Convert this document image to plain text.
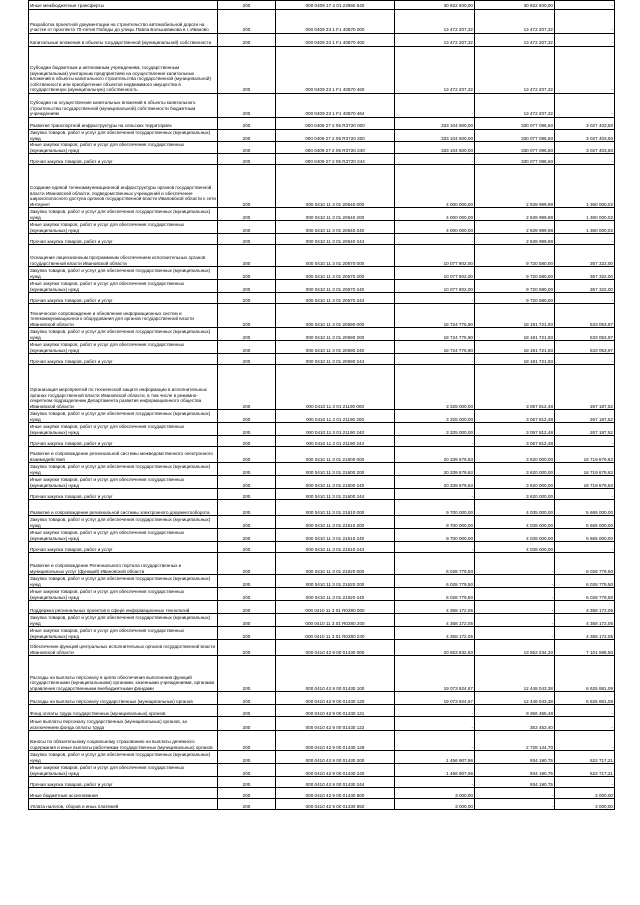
Иные межбюджетные трансферты	200	000 0409 17 4 01 22960 540	30 922 600,00	30 922 600,00	-
Разработка проектной документации на строительство автомобильной дороги на участке от проспекта 70-летия Победы до улицы Павла Большевикова в г. Иваново	200	000 0409 23 1 F1 40870 000	13 472 207,32	13 472 207,32	-
Капитальные вложения в объекты государственной (муниципальной) собственности	200	000 0409 23 1 F1 40870 400	13 472 207,32	13 472 207,32	-
Субсидии бюджетным и автономным учреждениям, государственным (муниципальным) унитарным предприятиям на осуществление капитальных вложений в объекты капитального строительства государственной (муниципальной) собственности или приобретение объектов недвижимого имущества в государственную (муниципальную) собственность	200	000 0409 23 1 F1 40870 460	13 472 207,32	13 472 207,32	-
Субсидии на осуществление капитальных вложений в объекты капитального строительства государственной (муниципальной) собственности бюджетным учреждениям	200	000 0409 23 1 F1 40870 464	-	13 472 207,32	-
Развитие транспортной инфраструктуры на сельских территориях	200	000 0409 27 2 05 R3720 000	333 104 500,00	330 077 096,50	3 027 403,50
Закупка товаров, работ и услуг для обеспечения государственных (муниципальных) нужд	200	000 0409 27 2 05 R3720 200	333 104 500,00	330 077 096,50	3 027 403,50
Иные закупки товаров, работ и услуг для обеспечения государственных (муниципальных) нужд	200	000 0409 27 2 05 R3720 240	333 104 500,00	330 077 096,50	3 027 403,50
Прочая закупка товаров, работ и услуг	200	000 0409 27 2 05 R3720 244	-	330 077 096,50	-
Создание единой телекоммуникационной инфраструктуры органов государственной власти Ивановской области, подведомственных учреждений и обеспечение широкополосного доступа органов государственной власти Ивановской области к сети Интернет	200	000 0410 11 3 01 20640 000	4 000 000,00	2 639 999,98	1 360 000,02
Закупка товаров, работ и услуг для обеспечения государственных (муниципальных) нужд	200	000 0410 11 3 01 20640 200	4 000 000,00	2 639 999,98	1 360 000,02
Иные закупки товаров, работ и услуг для обеспечения государственных (муниципальных) нужд	200	000 0410 11 3 01 20640 240	4 000 000,00	2 639 999,98	1 360 000,02
Прочая закупка товаров, работ и услуг	200	000 0410 11 3 01 20640 244	-	2 639 999,98	-
Оснащение лицензионным программным обеспечением исполнительных органов государственной власти Ивановской области	200	000 0410 11 3 01 20670 000	10 077 902,00	9 720 580,00	357 322,00
Закупка товаров, работ и услуг для обеспечения государственных (муниципальных) нужд	200	000 0410 11 3 01 20670 200	10 077 902,00	9 720 580,00	357 322,00
Иные закупки товаров, работ и услуг для обеспечения государственных (муниципальных) нужд	200	000 0410 11 3 01 20670 240	10 077 902,00	9 720 580,00	357 322,00
Прочая закупка товаров, работ и услуг	200	000 0410 11 3 01 20670 244	-	9 720 580,00	-
Техническое сопровождение и обновление информационных систем и телекоммуникационного оборудования для органов государственной власти Ивановской области	200	000 0410 11 3 01 20690 000	18 724 775,90	18 191 721,93	533 053,97
Закупка товаров, работ и услуг для обеспечения государственных (муниципальных) нужд	200	000 0410 11 3 01 20690 200	18 724 775,90	18 191 721,93	533 053,97
Иные закупки товаров, работ и услуг для обеспечения государственных (муниципальных) нужд	200	000 0410 11 3 01 20690 240	18 724 775,90	18 191 721,93	533 053,97
Прочая закупка товаров, работ и услуг	200	000 0410 11 3 01 20690 244	-	18 191 721,93	-
Организация мероприятий по технической защите информации в исполнительных органах государственной власти Ивановской области, в том числе в режимно-секретном подразделении Департамента развития информационного общества Ивановской области	200	000 0410 11 3 01 21190 000	3 325 000,00	3 057 812,48	267 187,52
Закупка товаров, работ и услуг для обеспечения государственных (муниципальных) нужд	200	000 0410 11 3 01 21190 200	3 325 000,00	3 057 812,48	267 187,52
Иные закупки товаров, работ и услуг для обеспечения государственных (муниципальных) нужд	200	000 0410 11 3 01 21190 240	3 325 000,00	3 057 812,48	267 187,52
Прочая закупка товаров, работ и услуг	200	000 0410 11 3 01 21190 244	-	3 057 812,48	-
Развитие и сопровождение региональной системы межведомственного электронного взаимодействия	200	000 0410 11 3 01 21600 000	20 339 679,63	3 620 000,00	16 719 679,63
Закупка товаров, работ и услуг для обеспечения государственных (муниципальных) нужд	200	000 0410 11 3 01 21600 200	20 339 679,63	3 620 000,00	16 719 679,63
Иные закупки товаров, работ и услуг для обеспечения государственных (муниципальных) нужд	200	000 0410 11 3 01 21600 240	20 339 679,63	3 620 000,00	16 719 679,63
Прочая закупка товаров, работ и услуг	200	000 0410 11 3 01 21600 244	-	3 620 000,00	-
Развитие и сопровождение региональной системы электронного документооборота	200	000 0410 11 3 01 21610 000	9 700 000,00	4 035 000,00	5 665 000,00
Закупка товаров, работ и услуг для обеспечения государственных (муниципальных) нужд	200	000 0410 11 3 01 21610 200	9 700 000,00	4 035 000,00	5 665 000,00
Иные закупки товаров, работ и услуг для обеспечения государственных (муниципальных) нужд	200	000 0410 11 3 01 21610 240	9 700 000,00	4 035 000,00	5 665 000,00
Прочая закупка товаров, работ и услуг	200	000 0410 11 3 01 21610 244	-	4 035 000,00	-
Развитие и сопровождение Регионального портала государственных и муниципальных услуг (функций) Ивановской области	200	000 0410 11 3 01 21620 000	6 028 779,50	-	6 028 779,50
Закупка товаров, работ и услуг для обеспечения государственных (муниципальных) нужд	200	000 0410 11 3 01 21620 200	6 028 779,50	-	6 028 779,50
Иные закупки товаров, работ и услуг для обеспечения государственных (муниципальных) нужд	200	000 0410 11 3 01 21620 240	6 028 779,50	-	6 028 779,50
Поддержка региональных проектов в сфере информационных технологий	200	000 0410 11 3 01 R0280 000	4 358 172,05	-	4 358 172,05
Закупка товаров, работ и услуг для обеспечения государственных (муниципальных) нужд	200	000 0410 11 3 01 R0280 200	4 358 172,05	-	4 358 172,05
Иные закупки товаров, работ и услуг для обеспечения государственных (муниципальных) нужд	200	000 0410 11 3 01 R0280 240	4 358 172,05	-	4 358 172,05
Обеспечение функций центральных исполнительных органов государственной власти Ивановской области	200	000 0410 42 9 00 01430 000	20 653 832,83	13 552 234,33	7 101 598,50
Расходы на выплаты персоналу в целях обеспечения выполнения функций государственными (муниципальными) органами, казенными учреждениями, органами управления государственными внебюджетными фондами	200	000 0410 42 9 00 01430 100	19 073 924,67	12 448 043,38	6 625 881,09
Расходы на выплаты персоналу государственных (муниципальных) органов	200	000 0410 42 9 00 01430 120	19 073 924,67	12 448 043,38	6 625 881,09
Фонд оплаты труда государственных (муниципальных) органов	200	000 0410 42 9 00 01430 121	-	9 366 455,48	-
Иные выплаты персоналу государственных (муниципальных) органов, за исключением фонда оплаты труда	200	000 0410 42 9 00 01430 122	-	353 453,40	-
Взносы по обязательному социальному страхованию на выплаты денежного содержания и иные выплаты работникам государственных (муниципальных) органов	200	000 0410 42 9 00 01430 129	-	2 728 144,70	-
Закупка товаров, работ и услуг для обеспечения государственных (муниципальных) нужд	200	000 0410 42 9 00 01430 200	1 456 907,96	934 190,75	522 717,21
Иные закупки товаров, работ и услуг для обеспечения государственных (муниципальных) нужд	200	000 0410 42 9 00 01430 240	1 456 907,96	934 190,75	522 717,21
Прочая закупка товаров, работ и услуг	200	000 0410 42 9 00 01430 244	-	934 190,75	-
Иные бюджетные ассигнования	200	000 0410 42 9 00 01430 800	3 000,00	-	3 000,00
Уплата налогов, сборов и иных платежей	200	000 0410 42 9 00 01430 850	3 000,00	-	3 000,00
